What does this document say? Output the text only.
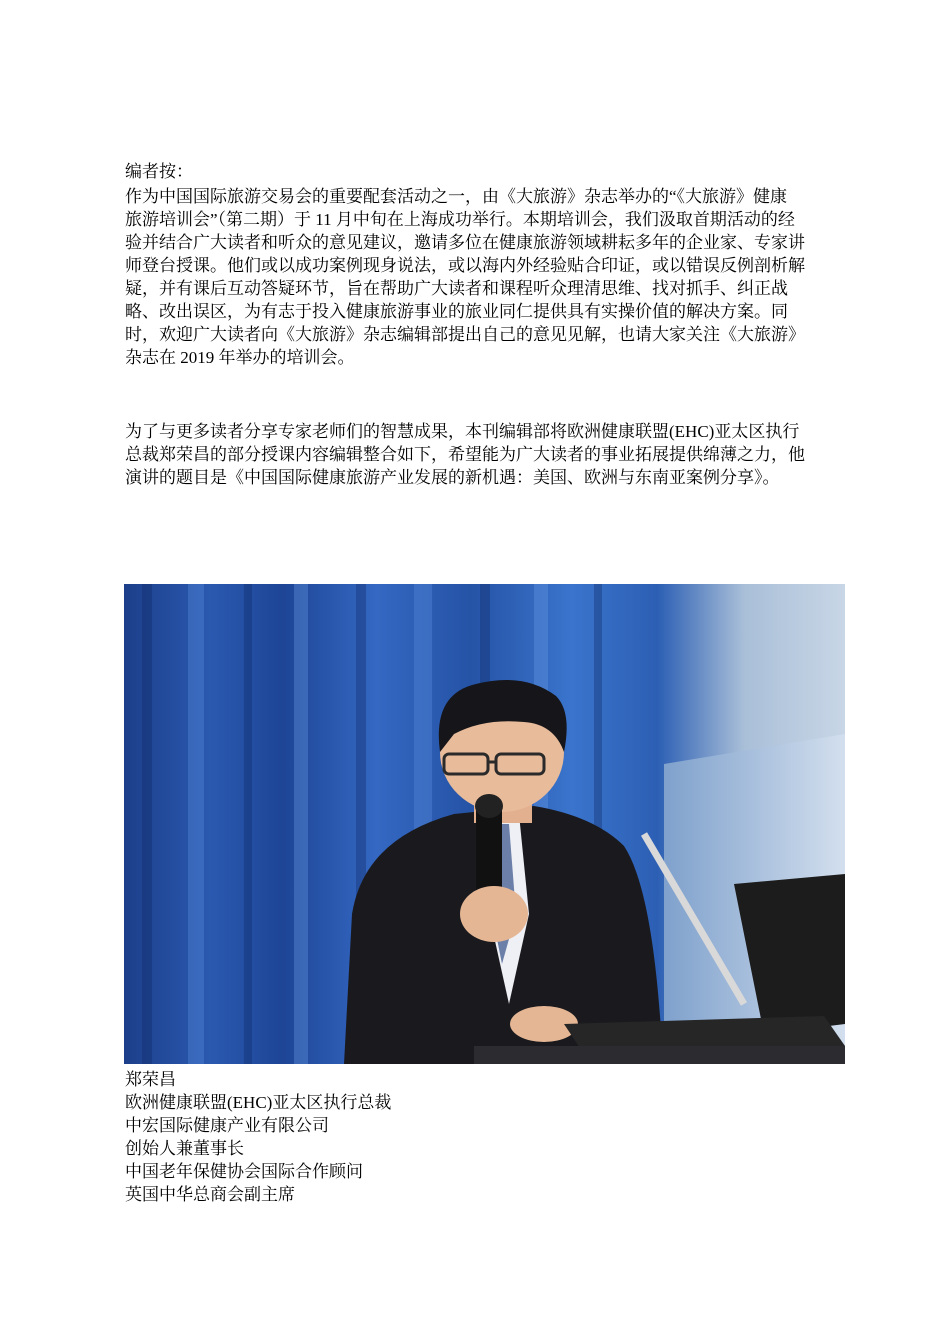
编者按：
作为中国国际旅游交易会的重要配套活动之一，由《大旅游》杂志举办的“《大旅游》健康
旅游培训会”（第二期）于 11 月中旬在上海成功举行。本期培训会，我们汲取首期活动的经
验并结合广大读者和听众的意见建议，邀请多位在健康旅游领域耕耘多年的企业家、专家讲
师登台授课。他们或以成功案例现身说法，或以海内外经验贴合印证，或以错误反例剖析解
疑，并有课后互动答疑环节，旨在帮助广大读者和课程听众理清思维、找对抓手、纠正战
略、改出误区，为有志于投入健康旅游事业的旅业同仁提供具有实操价值的解决方案。同
时，欢迎广大读者向《大旅游》杂志编辑部提出自己的意见见解，也请大家关注《大旅游》
杂志在 2019 年举办的培训会。
为了与更多读者分享专家老师们的智慧成果，本刊编辑部将欧洲健康联盟(EHC)亚太区执行
总裁郑荣昌的部分授课内容编辑整合如下，希望能为广大读者的事业拓展提供绵薄之力，他
演讲的题目是《中国国际健康旅游产业发展的新机遇：美国、欧洲与东南亚案例分享》。
郑荣昌
欧洲健康联盟(EHC)亚太区执行总裁
中宏国际健康产业有限公司
创始人兼董事长
中国老年保健协会国际合作顾问
英国中华总商会副主席
